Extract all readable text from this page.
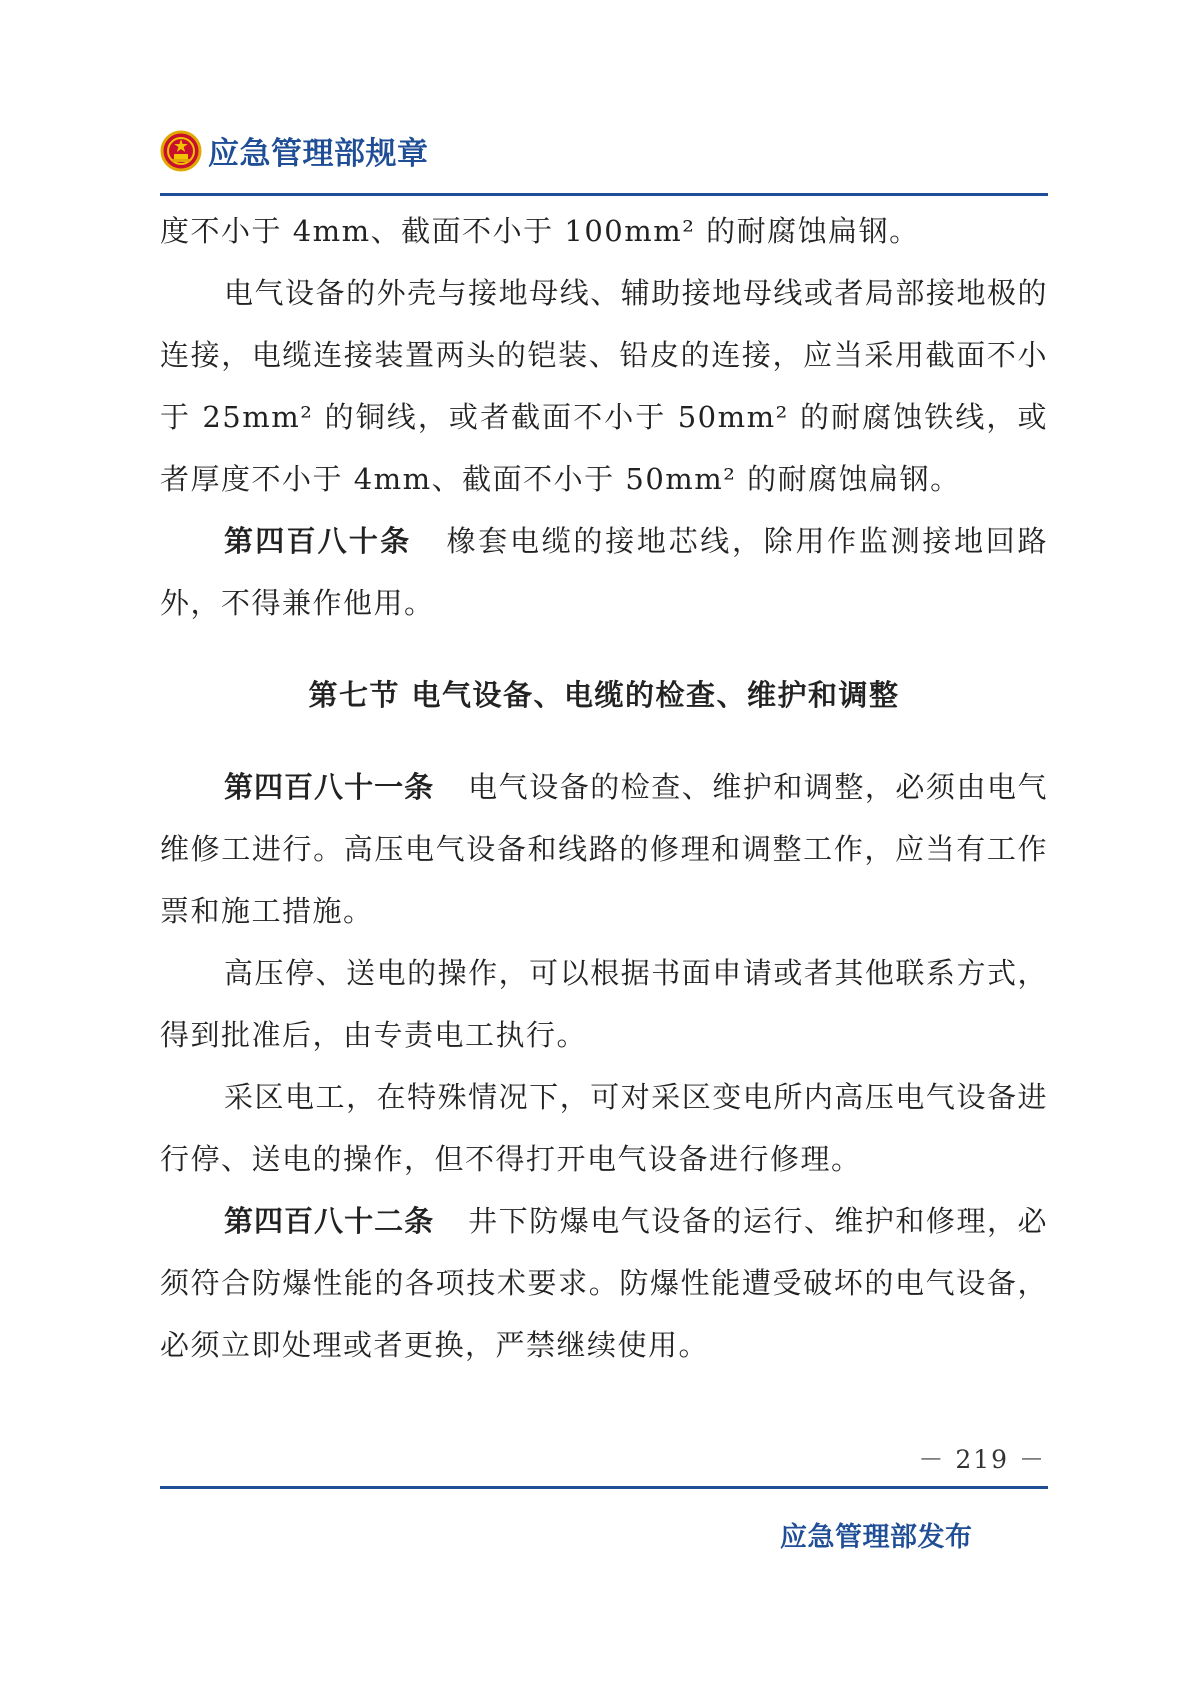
应急管理部规章

度不小于 4mm、截面不小于 100mm² 的耐腐蚀扁钢。

电气设备的外壳与接地母线、辅助接地母线或者局部接地极的连接，电缆连接装置两头的铠装、铅皮的连接，应当采用截面不小于 25mm² 的铜线，或者截面不小于 50mm² 的耐腐蚀铁线，或者厚度不小于 4mm、截面不小于 50mm² 的耐腐蚀扁钢。

第四百八十条 橡套电缆的接地芯线，除用作监测接地回路外，不得兼作他用。

第七节 电气设备、电缆的检查、维护和调整

第四百八十一条 电气设备的检查、维护和调整，必须由电气维修工进行。高压电气设备和线路的修理和调整工作，应当有工作票和施工措施。

高压停、送电的操作，可以根据书面申请或者其他联系方式，得到批准后，由专责电工执行。

采区电工，在特殊情况下，可对采区变电所内高压电气设备进行停、送电的操作，但不得打开电气设备进行修理。

第四百八十二条 井下防爆电气设备的运行、维护和修理，必须符合防爆性能的各项技术要求。防爆性能遭受破坏的电气设备，必须立即处理或者更换，严禁继续使用。

－ 219 －
应急管理部发布
